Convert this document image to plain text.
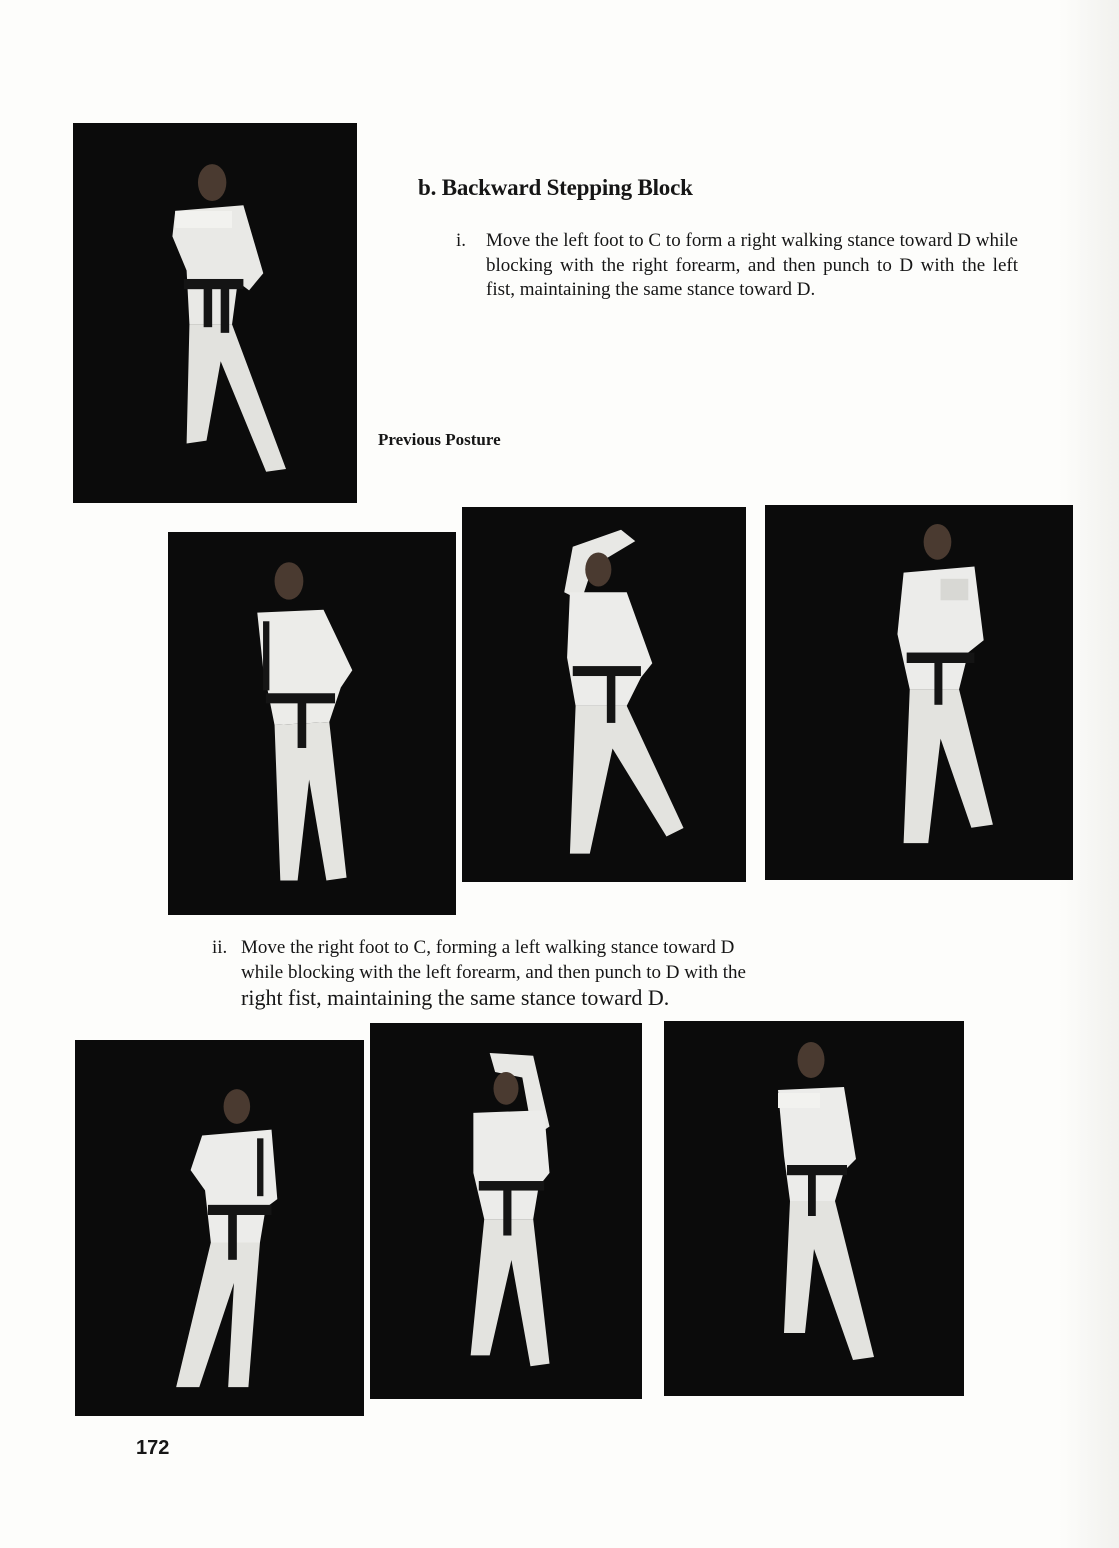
b. Backward Stepping Block

i. Move the left foot to C to form a right walking stance toward D while blocking with the right forearm, and then punch to D with the left fist, maintaining the same stance toward D.

Previous Posture

ii. Move the right foot to C, forming a left walking stance toward D
while blocking with the left forearm, and then punch to D with the
right fist, maintaining the same stance toward D.

172
